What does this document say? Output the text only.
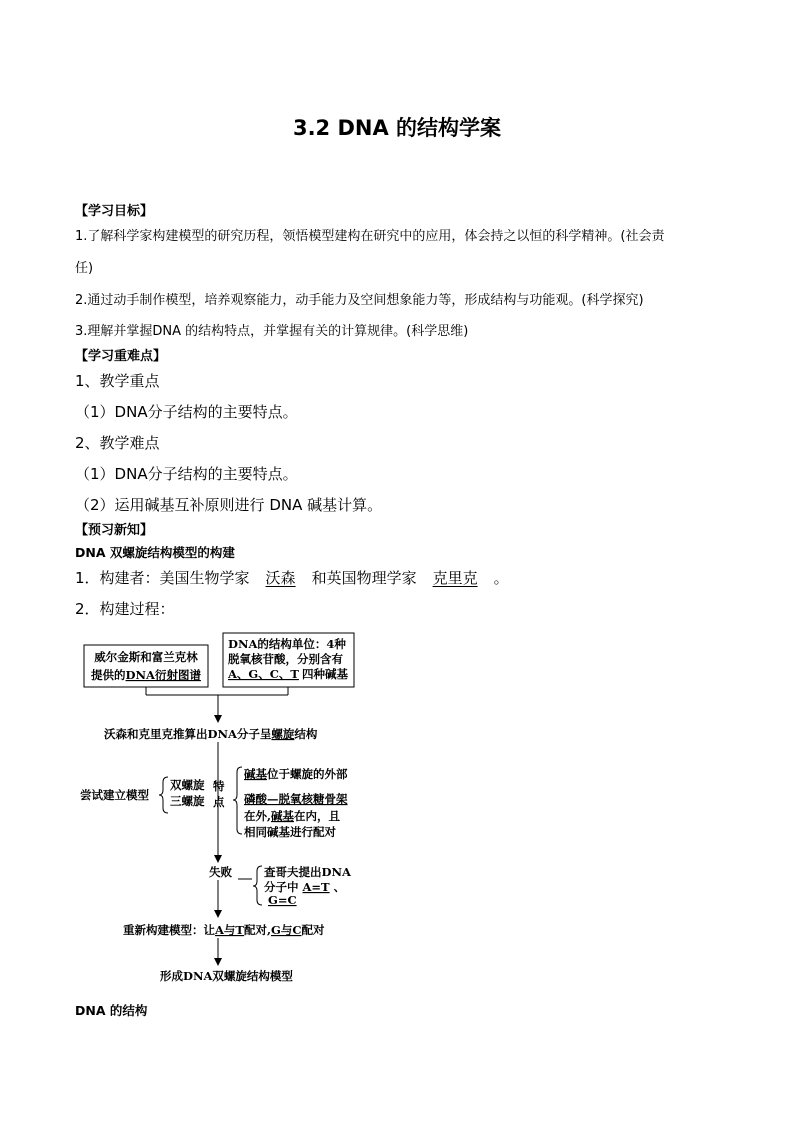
3.2 DNA 的结构学案
【学习目标】
1.了解科学家构建模型的研究历程，领悟模型建构在研究中的应用，体会持之以恒的科学精神。(社会责
任)
2.通过动手制作模型，培养观察能力，动手能力及空间想象能力等，形成结构与功能观。(科学探究)
3.理解并掌握DNA 的结构特点，并掌握有关的计算规律。(科学思维)
【学习重难点】
1、教学重点
（1）DNA分子结构的主要特点。
2、教学难点
（1）DNA分子结构的主要特点。
（2）运用碱基互补原则进行 DNA 碱基计算。
【预习新知】
DNA 双螺旋结构模型的构建
1．构建者：美国生物学家 沃森 和英国物理学家 克里克 。
2．构建过程：
威尔金斯和富兰克林
提供的DNA衍射图谱
DNA的结构单位：4种
脱氧核苷酸，分别含有
A、G、C、T 四种碱基
沃森和克里克推算出DNA分子呈螺旋结构
尝试建立模型
双螺旋
三螺旋
特
点
碱基位于螺旋的外部
磷酸—脱氧核糖骨架
在外,碱基在内，且
相同碱基进行配对
失败	查哥夫提出DNA
分子中 A=T 、
G=C
重新构建模型：让A与T配对,G与C配对
形成DNA双螺旋结构模型
DNA 的结构
